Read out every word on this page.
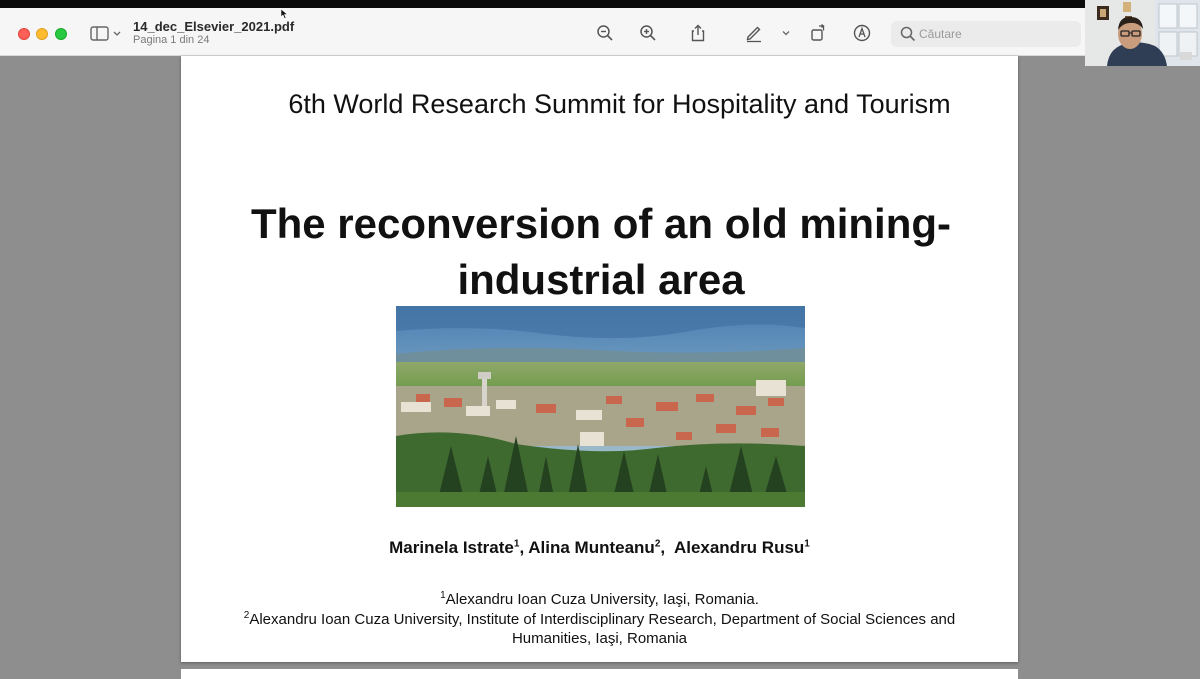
14_dec_Elsevier_2021.pdf
Pagina 1 din 24	Căutare
6th World Research Summit for Hospitality and Tourism
The reconversion of an old mining-
industrial area
Marinela Istrate$^1$, Alina Munteanu$^2$,  Alexandru Rusu$^1$
$^1$Alexandru Ioan Cuza University, Iaşi, Romania.
$^2$Alexandru Ioan Cuza University, Institute of Interdisciplinary Research, Department of Social Sciences and Humanities, Iaşi, Romania
